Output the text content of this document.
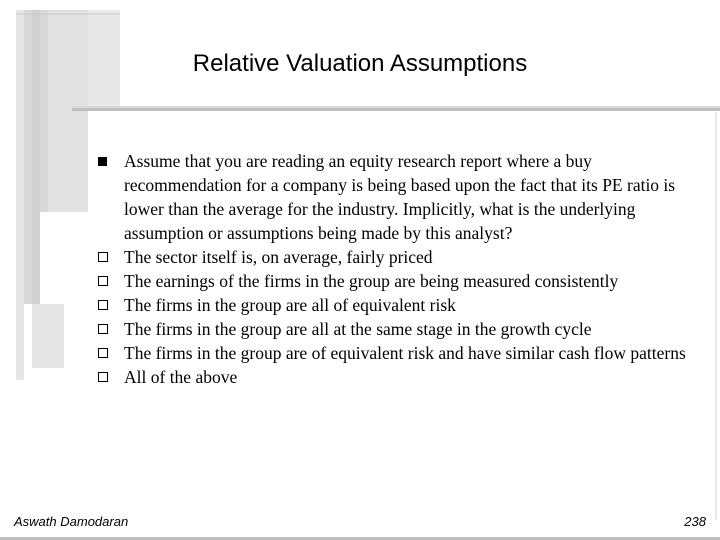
Relative Valuation Assumptions
Assume that you are reading an equity research report where a buy recommendation for a company is being based upon the fact that its PE ratio is lower than the average for the industry. Implicitly, what is the underlying assumption or assumptions being made by this analyst?
The sector itself is, on average, fairly priced
The earnings of the firms in the group are being measured consistently
The firms in the group are all of equivalent risk
The firms in the group are all at the same stage in the growth cycle
The firms in the group are of equivalent risk and have similar cash flow patterns
All of the above
Aswath Damodaran	238
